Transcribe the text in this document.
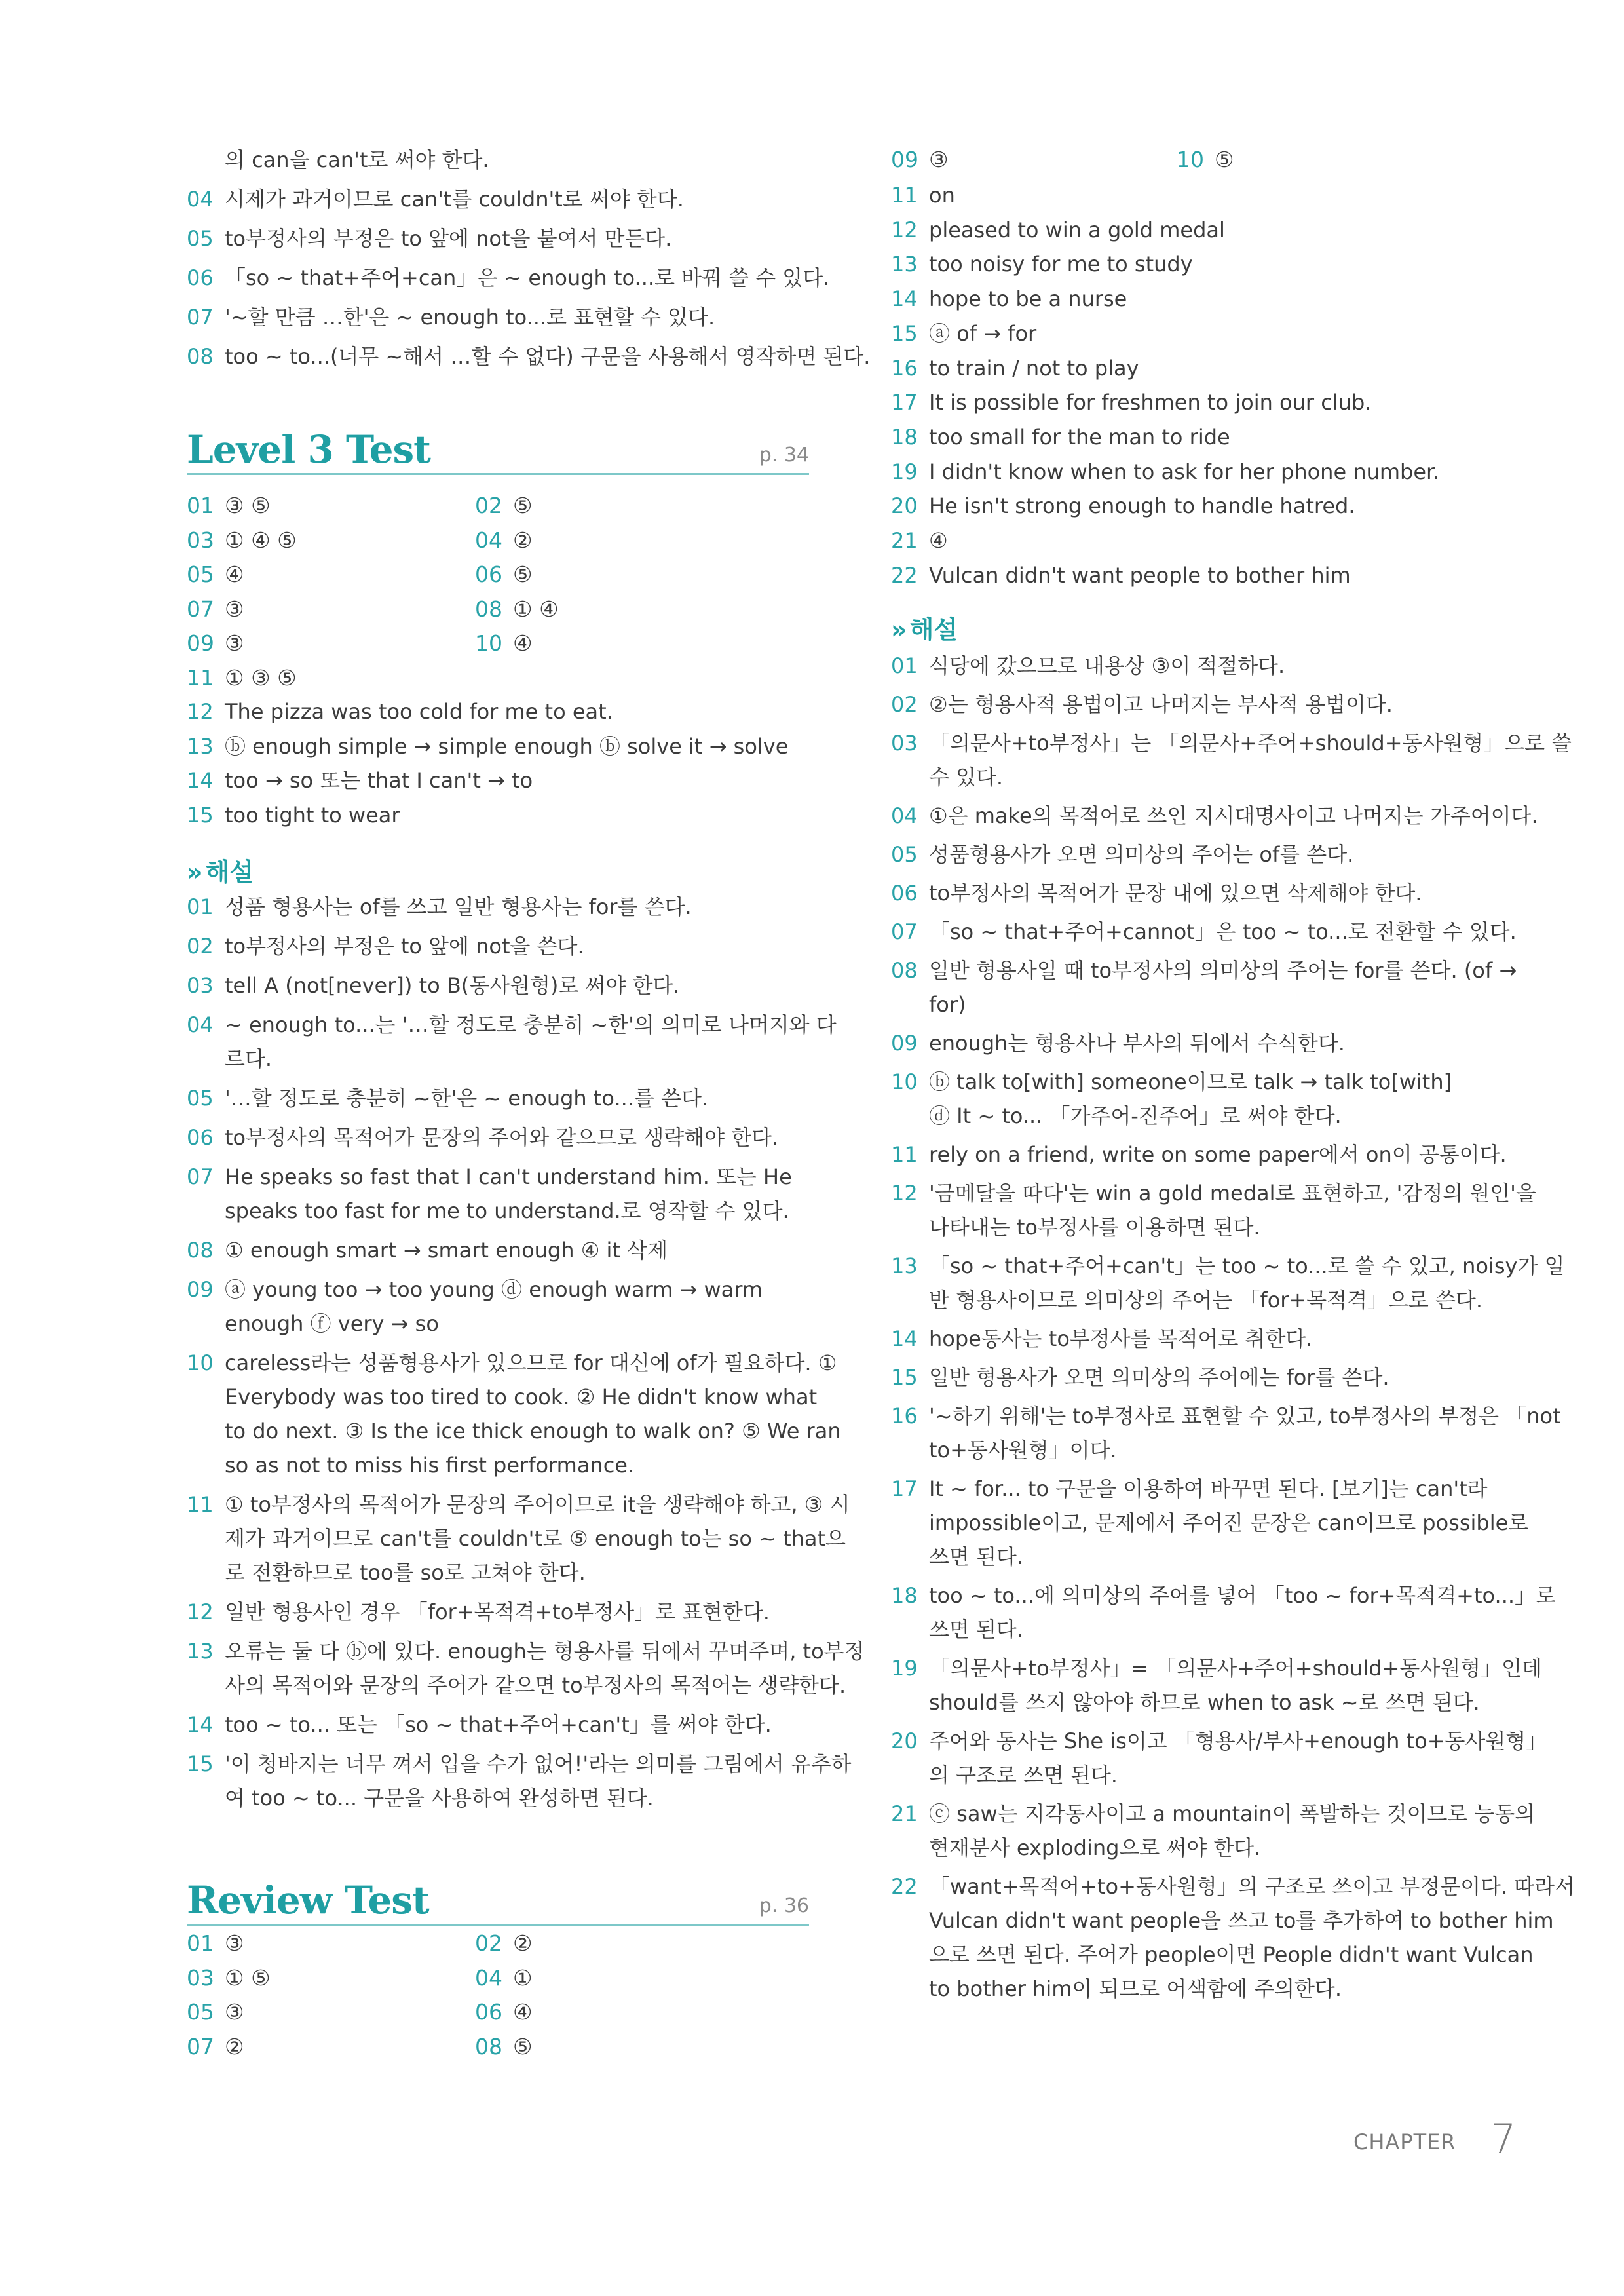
의 can을 can't로 써야 한다.
04 시제가 과거이므로 can't를 couldn't로 써야 한다.
05 to부정사의 부정은 to 앞에 not을 붙여서 만든다.
06 「so ~ that+주어+can」은 ~ enough to...로 바꿔 쓸 수 있다.
07 '~할 만큼 …한'은 ~ enough to...로 표현할 수 있다.
08 too ~ to...(너무 ~해서 …할 수 없다) 구문을 사용해서 영작하면 된다.
Level 3 Test	p. 34
01 ③ ⑤	02 ⑤
03 ① ④ ⑤	04 ②
05 ④	06 ⑤
07 ③	08 ① ④
09 ③	10 ④
11 ① ③ ⑤
12 The pizza was too cold for me to eat.
13 ⓑ enough simple → simple enough ⓑ solve it → solve
14 too → so 또는 that I can't → to
15 too tight to wear
» 해설
01 성품 형용사는 of를 쓰고 일반 형용사는 for를 쓴다.
02 to부정사의 부정은 to 앞에 not을 쓴다.
03 tell A (not[never]) to B(동사원형)로 써야 한다.
04 ~ enough to...는 '…할 정도로 충분히 ~한'의 의미로 나머지와 다
르다.
05 '…할 정도로 충분히 ~한'은 ~ enough to...를 쓴다.
06 to부정사의 목적어가 문장의 주어와 같으므로 생략해야 한다.
07 He speaks so fast that I can't understand him. 또는 He
speaks too fast for me to understand.로 영작할 수 있다.
08 ① enough smart → smart enough ④ it 삭제
09 ⓐ young too → too young ⓓ enough warm → warm
enough ⓕ very → so
10 careless라는 성품형용사가 있으므로 for 대신에 of가 필요하다. ①
Everybody was too tired to cook. ② He didn't know what
to do next. ③ Is the ice thick enough to walk on? ⑤ We ran
so as not to miss his first performance.
11 ① to부정사의 목적어가 문장의 주어이므로 it을 생략해야 하고, ③ 시
제가 과거이므로 can't를 couldn't로 ⑤ enough to는 so ~ that으
로 전환하므로 too를 so로 고쳐야 한다.
12 일반 형용사인 경우 「for+목적격+to부정사」로 표현한다.
13 오류는 둘 다 ⓑ에 있다. enough는 형용사를 뒤에서 꾸며주며, to부정
사의 목적어와 문장의 주어가 같으면 to부정사의 목적어는 생략한다.
14 too ~ to... 또는 「so ~ that+주어+can't」를 써야 한다.
15 '이 청바지는 너무 껴서 입을 수가 없어!'라는 의미를 그림에서 유추하
여 too ~ to... 구문을 사용하여 완성하면 된다.
Review Test	p. 36
01 ③	02 ②
03 ① ⑤	04 ①
05 ③	06 ④
07 ②	08 ⑤
09 ③	10 ⑤
11 on
12 pleased to win a gold medal
13 too noisy for me to study
14 hope to be a nurse
15 ⓐ of → for
16 to train / not to play
17 It is possible for freshmen to join our club.
18 too small for the man to ride
19 I didn't know when to ask for her phone number.
20 He isn't strong enough to handle hatred.
21 ④
22 Vulcan didn't want people to bother him
» 해설
01 식당에 갔으므로 내용상 ③이 적절하다.
02 ②는 형용사적 용법이고 나머지는 부사적 용법이다.
03 「의문사+to부정사」는 「의문사+주어+should+동사원형」으로 쓸
수 있다.
04 ①은 make의 목적어로 쓰인 지시대명사이고 나머지는 가주어이다.
05 성품형용사가 오면 의미상의 주어는 of를 쓴다.
06 to부정사의 목적어가 문장 내에 있으면 삭제해야 한다.
07 「so ~ that+주어+cannot」은 too ~ to...로 전환할 수 있다.
08 일반 형용사일 때 to부정사의 의미상의 주어는 for를 쓴다. (of →
for)
09 enough는 형용사나 부사의 뒤에서 수식한다.
10 ⓑ talk to[with] someone이므로 talk → talk to[with]
ⓓ It ~ to... 「가주어-진주어」로 써야 한다.
11 rely on a friend, write on some paper에서 on이 공통이다.
12 '금메달을 따다'는 win a gold medal로 표현하고, '감정의 원인'을
나타내는 to부정사를 이용하면 된다.
13 「so ~ that+주어+can't」는 too ~ to...로 쓸 수 있고, noisy가 일
반 형용사이므로 의미상의 주어는 「for+목적격」으로 쓴다.
14 hope동사는 to부정사를 목적어로 취한다.
15 일반 형용사가 오면 의미상의 주어에는 for를 쓴다.
16 '~하기 위해'는 to부정사로 표현할 수 있고, to부정사의 부정은 「not
to+동사원형」이다.
17 It ~ for... to 구문을 이용하여 바꾸면 된다. [보기]는 can't라
impossible이고, 문제에서 주어진 문장은 can이므로 possible로
쓰면 된다.
18 too ~ to...에 의미상의 주어를 넣어 「too ~ for+목적격+to...」로
쓰면 된다.
19 「의문사+to부정사」= 「의문사+주어+should+동사원형」인데
should를 쓰지 않아야 하므로 when to ask ~로 쓰면 된다.
20 주어와 동사는 She is이고 「형용사/부사+enough to+동사원형」
의 구조로 쓰면 된다.
21 ⓒ saw는 지각동사이고 a mountain이 폭발하는 것이므로 능동의
현재분사 exploding으로 써야 한다.
22 「want+목적어+to+동사원형」의 구조로 쓰이고 부정문이다. 따라서
Vulcan didn't want people을 쓰고 to를 추가하여 to bother him
으로 쓰면 된다. 주어가 people이면 People didn't want Vulcan
to bother him이 되므로 어색함에 주의한다.
CHAPTER 7
